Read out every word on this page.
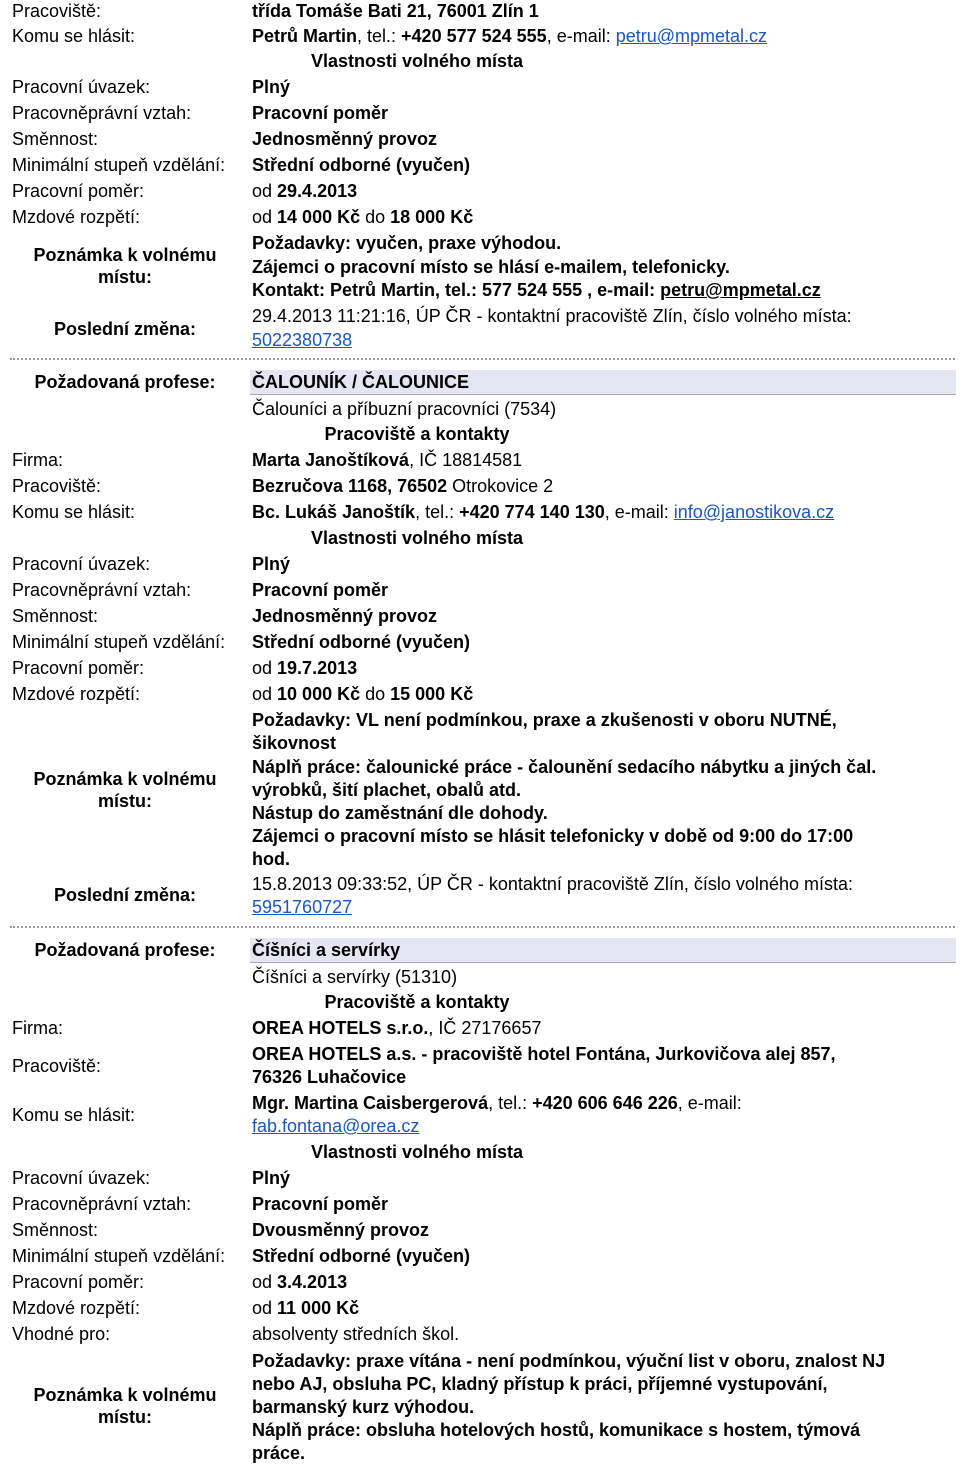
Pracoviště:	třída Tomáše Bati 21, 76001 Zlín 1
Komu se hlásit:	Petrů Martin, tel.: +420 577 524 555, e-mail: petru@mpmetal.cz
Vlastnosti volného místa
Pracovní úvazek:	Plný
Pracovněprávní vztah:	Pracovní poměr
Směnnost:	Jednosměnný provoz
Minimální stupeň vzdělání: Střední odborné (vyučen)
Pracovní poměr:	od 29.4.2013
Mzdové rozpětí:	od 14 000 Kč do 18 000 Kč
Poznámka k volnému
místu:
Požadavky: vyučen, praxe výhodou.
Zájemci o pracovní místo se hlásí e-mailem, telefonicky.
Kontakt: Petrů Martin, tel.: 577 524 555 , e-mail: petru@mpmetal.cz
Poslední změna:
29.4.2013 11:21:16, ÚP ČR - kontaktní pracoviště Zlín, číslo volného místa:
5022380738
Požadovaná profese:	ČALOUNÍK / ČALOUNICE
Čalouníci a příbuzní pracovníci (7534)
Pracoviště a kontakty
Firma:	Marta Janoštíková, IČ 18814581
Pracoviště:	Bezručova 1168, 76502 Otrokovice 2
Komu se hlásit:	Bc. Lukáš Janoštík, tel.: +420 774 140 130, e-mail: info@janostikova.cz
Vlastnosti volného místa
Pracovní úvazek:	Plný
Pracovněprávní vztah:	Pracovní poměr
Směnnost:	Jednosměnný provoz
Minimální stupeň vzdělání: Střední odborné (vyučen)
Pracovní poměr:	od 19.7.2013
Mzdové rozpětí:	od 10 000 Kč do 15 000 Kč
Poznámka k volnému
místu:
Požadavky: VL není podmínkou, praxe a zkušenosti v oboru NUTNÉ,
šikovnost
Náplň práce: čalounické práce - čalounění sedacího nábytku a jiných čal.
výrobků, šití plachet, obalů atd.
Nástup do zaměstnání dle dohody.
Zájemci o pracovní místo se hlásit telefonicky v době od 9:00 do 17:00
hod.
Poslední změna:
15.8.2013 09:33:52, ÚP ČR - kontaktní pracoviště Zlín, číslo volného místa:
5951760727
Požadovaná profese:	Číšníci a servírky
Číšníci a servírky (51310)
Pracoviště a kontakty
Firma:	OREA HOTELS s.r.o., IČ 27176657
Pracoviště:
OREA HOTELS a.s. - pracoviště hotel Fontána, Jurkovičova alej 857,
76326 Luhačovice
Komu se hlásit:
Mgr. Martina Caisbergerová, tel.: +420 606 646 226, e-mail:
fab.fontana@orea.cz
Vlastnosti volného místa
Pracovní úvazek:	Plný
Pracovněprávní vztah:	Pracovní poměr
Směnnost:	Dvousměnný provoz
Minimální stupeň vzdělání: Střední odborné (vyučen)
Pracovní poměr:	od 3.4.2013
Mzdové rozpětí:	od 11 000 Kč
Vhodné pro:	absolventy středních škol.
Poznámka k volnému
místu:
Požadavky: praxe vítána - není podmínkou, výuční list v oboru, znalost NJ
nebo AJ, obsluha PC, kladný přístup k práci, příjemné vystupování,
barmanský kurz výhodou.
Náplň práce: obsluha hotelových hostů, komunikace s hostem, týmová
práce.
